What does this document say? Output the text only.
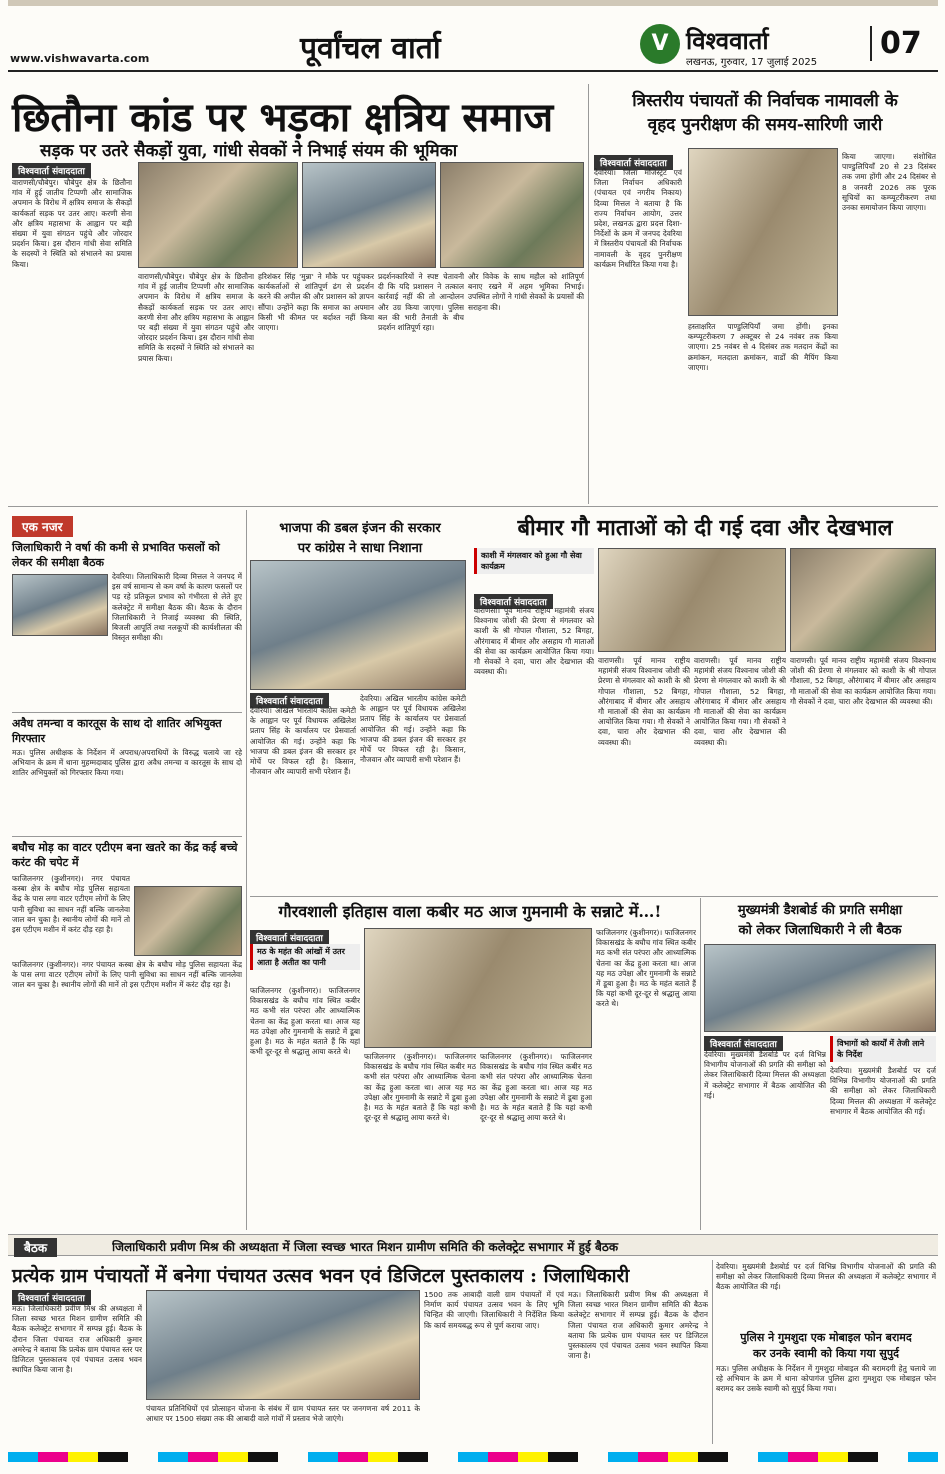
www.vishwavarta.com	पूर्वांचल वार्ता	V विश्ववार्ता
लखनऊ, गुरुवार, 17 जुलाई 2025
07
छितौना कांड पर भड़का क्षत्रिय समाज
सड़क पर उतरे सैकड़ों युवा, गांधी सेवकों ने निभाई संयम की भूमिका
विश्ववार्ता संवाददाता
वाराणसी/चौबेपुर। चौबेपुर क्षेत्र के छितौना गांव में हुई जातीय टिप्पणी और सामाजिक अपमान के विरोध में क्षत्रिय समाज के सैकड़ों कार्यकर्ता सड़क पर उतर आए। करणी सेना और क्षत्रिय महासभा के आह्वान पर बड़ी संख्या में युवा संगठन पहुंचे और जोरदार प्रदर्शन किया। इस दौरान गांधी सेवा समिति के सदस्यों ने स्थिति को संभालने का प्रयास किया।
वाराणसी/चौबेपुर। चौबेपुर क्षेत्र के छितौना गांव में हुई जातीय टिप्पणी और सामाजिक अपमान के विरोध में क्षत्रिय समाज के सैकड़ों कार्यकर्ता सड़क पर उतर आए। करणी सेना और क्षत्रिय महासभा के आह्वान पर बड़ी संख्या में युवा संगठन पहुंचे और जोरदार प्रदर्शन किया। इस दौरान गांधी सेवा समिति के सदस्यों ने स्थिति को संभालने का प्रयास किया।
हरिशंकर सिंह 'मुन्ना' ने मौके पर पहुंचकर कार्यकर्ताओं से शांतिपूर्ण ढंग से प्रदर्शन करने की अपील की और प्रशासन को ज्ञापन सौंपा। उन्होंने कहा कि समाज का अपमान किसी भी कीमत पर बर्दाश्त नहीं किया जाएगा।
प्रदर्शनकारियों ने स्पष्ट चेतावनी दी कि यदि प्रशासन ने तत्काल कार्रवाई नहीं की तो आन्दोलन और उग्र किया जाएगा। पुलिस बल की भारी तैनाती के बीच प्रदर्शन शांतिपूर्ण रहा।
और विवेक के साथ महौल को शांतिपूर्ण बनाए रखने में अहम भूमिका निभाई। उपस्थित लोगों ने गांधी सेवकों के प्रयासों की सराहना की।
त्रिस्तरीय पंचायतों की निर्वाचक नामावली के
वृहद पुनरीक्षण की समय-सारिणी जारी
विश्ववार्ता संवाददाता
देवरिया। जिला मजिस्ट्रेट एवं जिला निर्वाचन अधिकारी (पंचायत एवं नगरीय निकाय) दिव्या मित्तल ने बताया है कि राज्य निर्वाचन आयोग, उत्तर प्रदेश, लखनऊ द्वारा प्रदत्त दिशा-निर्देशों के क्रम में जनपद देवरिया में त्रिस्तरीय पंचायतों की निर्वाचक नामावली के वृहद पुनरीक्षण कार्यक्रम निर्धारित किया गया है।
हस्ताक्षरित पाण्डुलिपियाँ जमा होंगी। इनका कम्प्यूटरीकरण 7 अक्टूबर से 24 नवंबर तक किया जाएगा। 25 नवंबर से 4 दिसंबर तक मतदान केंद्रों का क्रमांकन, मतदाता क्रमांकन, वार्डों की मैपिंग किया जाएगा।
किया जाएगा। संशोधित पाण्डुलिपियाँ 20 से 23 दिसंबर तक जमा होंगी और 24 दिसंबर से 8 जनवरी 2026 तक पूरक सूचियों का कम्प्यूटरीकरण तथा उनका समायोजन किया जाएगा।
एक नजर
जिलाधिकारी ने वर्षा की कमी से प्रभावित फसलों को लेकर की समीक्षा बैठक
देवरिया। जिलाधिकारी दिव्या मित्तल ने जनपद में इस वर्ष सामान्य से कम वर्षा के कारण फसलों पर पड़ रहे प्रतिकूल प्रभाव को गंभीरता से लेते हुए कलेक्ट्रेट में समीक्षा बैठक की। बैठक के दौरान जिलाधिकारी ने निजाई व्यवस्था की स्थिति, बिजली आपूर्ति तथा नलकूपों की कार्यशीलता की विस्तृत समीक्षा की।
अवैध तमन्चा व कारतूस के साथ दो शातिर अभियुक्त गिरफ्तार
मऊ। पुलिस अधीक्षक के निर्देशन में अपराध/अपराधियों के विरुद्ध चलाये जा रहे अभियान के क्रम में थाना मुहम्मदाबाद पुलिस द्वारा अवैध तमन्चा व कारतूस के साथ दो शातिर अभियुक्तों को गिरफ्तार किया गया।
बघौच मोड़ का वाटर एटीएम बना खतरे का केंद्र कई बच्चे करंट की चपेट में
फाजिलनगर (कुशीनगर)। नगर पंचायत कस्बा क्षेत्र के बघौच मोड़ पुलिस सहायता केंद्र के पास लगा वाटर एटीएम लोगों के लिए पानी सुविधा का साधन नहीं बल्कि जानलेवा जाल बन चुका है। स्थानीय लोगों की मानें तो इस एटीएम मशीन में करंट दौड़ रहा है।
फाजिलनगर (कुशीनगर)। नगर पंचायत कस्बा क्षेत्र के बघौच मोड़ पुलिस सहायता केंद्र के पास लगा वाटर एटीएम लोगों के लिए पानी सुविधा का साधन नहीं बल्कि जानलेवा जाल बन चुका है। स्थानीय लोगों की मानें तो इस एटीएम मशीन में करंट दौड़ रहा है।
भाजपा की डबल इंजन की सरकार
पर कांग्रेस ने साधा निशाना
विश्ववार्ता संवाददाता
देवरिया। अखिल भारतीय कांग्रेस कमेटी के आह्वान पर पूर्व विधायक अखिलेश प्रताप सिंह के कार्यालय पर प्रेसवार्ता आयोजित की गई। उन्होंने कहा कि भाजपा की डबल इंजन की सरकार हर मोर्चे पर विफल रही है। किसान, नौजवान और व्यापारी सभी परेशान हैं।
देवरिया। अखिल भारतीय कांग्रेस कमेटी के आह्वान पर पूर्व विधायक अखिलेश प्रताप सिंह के कार्यालय पर प्रेसवार्ता आयोजित की गई। उन्होंने कहा कि भाजपा की डबल इंजन की सरकार हर मोर्चे पर विफल रही है। किसान, नौजवान और व्यापारी सभी परेशान हैं।
बीमार गौ माताओं को दी गई दवा और देखभाल
काशी में मंगलवार को हुआ गौ सेवा कार्यक्रम
विश्ववार्ता संवाददाता
वाराणसी। पूर्व मानव राष्ट्रीय महामंत्री संजय विश्वनाथ जोशी की प्रेरणा से मंगलवार को काशी के श्री गोपाल गौशाला, 52 बिगहा, औरंगाबाद में बीमार और असहाय गौ माताओं की सेवा का कार्यक्रम आयोजित किया गया। गौ सेवकों ने दवा, चारा और देखभाल की व्यवस्था की।
वाराणसी। पूर्व मानव राष्ट्रीय महामंत्री संजय विश्वनाथ जोशी की प्रेरणा से मंगलवार को काशी के श्री गोपाल गौशाला, 52 बिगहा, औरंगाबाद में बीमार और असहाय गौ माताओं की सेवा का कार्यक्रम आयोजित किया गया। गौ सेवकों ने दवा, चारा और देखभाल की व्यवस्था की।
वाराणसी। पूर्व मानव राष्ट्रीय महामंत्री संजय विश्वनाथ जोशी की प्रेरणा से मंगलवार को काशी के श्री गोपाल गौशाला, 52 बिगहा, औरंगाबाद में बीमार और असहाय गौ माताओं की सेवा का कार्यक्रम आयोजित किया गया। गौ सेवकों ने दवा, चारा और देखभाल की व्यवस्था की।
वाराणसी। पूर्व मानव राष्ट्रीय महामंत्री संजय विश्वनाथ जोशी की प्रेरणा से मंगलवार को काशी के श्री गोपाल गौशाला, 52 बिगहा, औरंगाबाद में बीमार और असहाय गौ माताओं की सेवा का कार्यक्रम आयोजित किया गया। गौ सेवकों ने दवा, चारा और देखभाल की व्यवस्था की।
गौरवशाली इतिहास वाला कबीर मठ आज गुमनामी के सन्नाटे में…!
विश्ववार्ता संवाददाता
मठ के महंत की आंखों में उतर आता है अतीत का पानी
फाजिलनगर (कुशीनगर)। फाजिलनगर विकासखंड के बघौच गांव स्थित कबीर मठ कभी संत परंपरा और आध्यात्मिक चेतना का केंद्र हुआ करता था। आज यह मठ उपेक्षा और गुमनामी के सन्नाटे में डूबा हुआ है। मठ के महंत बताते हैं कि यहां कभी दूर-दूर से श्रद्धालु आया करते थे।
फाजिलनगर (कुशीनगर)। फाजिलनगर विकासखंड के बघौच गांव स्थित कबीर मठ कभी संत परंपरा और आध्यात्मिक चेतना का केंद्र हुआ करता था। आज यह मठ उपेक्षा और गुमनामी के सन्नाटे में डूबा हुआ है। मठ के महंत बताते हैं कि यहां कभी दूर-दूर से श्रद्धालु आया करते थे।
फाजिलनगर (कुशीनगर)। फाजिलनगर विकासखंड के बघौच गांव स्थित कबीर मठ कभी संत परंपरा और आध्यात्मिक चेतना का केंद्र हुआ करता था। आज यह मठ उपेक्षा और गुमनामी के सन्नाटे में डूबा हुआ है। मठ के महंत बताते हैं कि यहां कभी दूर-दूर से श्रद्धालु आया करते थे।
फाजिलनगर (कुशीनगर)। फाजिलनगर विकासखंड के बघौच गांव स्थित कबीर मठ कभी संत परंपरा और आध्यात्मिक चेतना का केंद्र हुआ करता था। आज यह मठ उपेक्षा और गुमनामी के सन्नाटे में डूबा हुआ है। मठ के महंत बताते हैं कि यहां कभी दूर-दूर से श्रद्धालु आया करते थे।
मुख्यमंत्री डैशबोर्ड की प्रगति समीक्षा
को लेकर जिलाधिकारी ने ली बैठक
विश्ववार्ता संवाददाता	विभागों को कार्यों में तेजी लाने के निर्देश
देवरिया। मुख्यमंत्री डैशबोर्ड पर दर्ज विभिन्न विभागीय योजनाओं की प्रगति की समीक्षा को लेकर जिलाधिकारी दिव्या मित्तल की अध्यक्षता में कलेक्ट्रेट सभागार में बैठक आयोजित की गई।
देवरिया। मुख्यमंत्री डैशबोर्ड पर दर्ज विभिन्न विभागीय योजनाओं की प्रगति की समीक्षा को लेकर जिलाधिकारी दिव्या मित्तल की अध्यक्षता में कलेक्ट्रेट सभागार में बैठक आयोजित की गई।
बैठक	जिलाधिकारी प्रवीण मिश्र की अध्यक्षता में जिला स्वच्छ भारत मिशन ग्रामीण समिति की कलेक्ट्रेट सभागार में हुई बैठक
प्रत्येक ग्राम पंचायतों में बनेगा पंचायत उत्सव भवन एवं डिजिटल पुस्तकालय : जिलाधिकारी
विश्ववार्ता संवाददाता
मऊ। जिलाधिकारी प्रवीण मिश्र की अध्यक्षता में जिला स्वच्छ भारत मिशन ग्रामीण समिति की बैठक कलेक्ट्रेट सभागार में सम्पन्न हुई। बैठक के दौरान जिला पंचायत राज अधिकारी कुमार अमरेन्द्र ने बताया कि प्रत्येक ग्राम पंचायत स्तर पर डिजिटल पुस्तकालय एवं पंचायत उत्सव भवन स्थापित किया जाना है।
पंचायत प्रतिनिधियों एवं प्रोत्साहन योजना के संबंध में ग्राम पंचायत स्तर पर जनगणना वर्ष 2011 के आधार पर 1500 संख्या तक की आबादी वाले गांवों में प्रस्ताव भेजे जाएंगे।
1500 तक आबादी वाली ग्राम पंचायतों में एवं निर्माण कार्य पंचायत उत्सव भवन के लिए भूमि चिन्हित की जाएगी। जिलाधिकारी ने निर्देशित किया कि कार्य समयबद्ध रूप से पूर्ण कराया जाए।
मऊ। जिलाधिकारी प्रवीण मिश्र की अध्यक्षता में जिला स्वच्छ भारत मिशन ग्रामीण समिति की बैठक कलेक्ट्रेट सभागार में सम्पन्न हुई। बैठक के दौरान जिला पंचायत राज अधिकारी कुमार अमरेन्द्र ने बताया कि प्रत्येक ग्राम पंचायत स्तर पर डिजिटल पुस्तकालय एवं पंचायत उत्सव भवन स्थापित किया जाना है।
देवरिया। मुख्यमंत्री डैशबोर्ड पर दर्ज विभिन्न विभागीय योजनाओं की प्रगति की समीक्षा को लेकर जिलाधिकारी दिव्या मित्तल की अध्यक्षता में कलेक्ट्रेट सभागार में बैठक आयोजित की गई।
पुलिस ने गुमशुदा एक मोबाइल फोन बरामद
कर उनके स्वामी को किया गया सुपुर्द
मऊ। पुलिस अधीक्षक के निर्देशन में गुमशुदा मोबाइल की बरामदगी हेतु चलाये जा रहे अभियान के क्रम में थाना कोपागंज पुलिस द्वारा गुमशुदा एक मोबाइल फोन बरामद कर उसके स्वामी को सुपुर्द किया गया।
